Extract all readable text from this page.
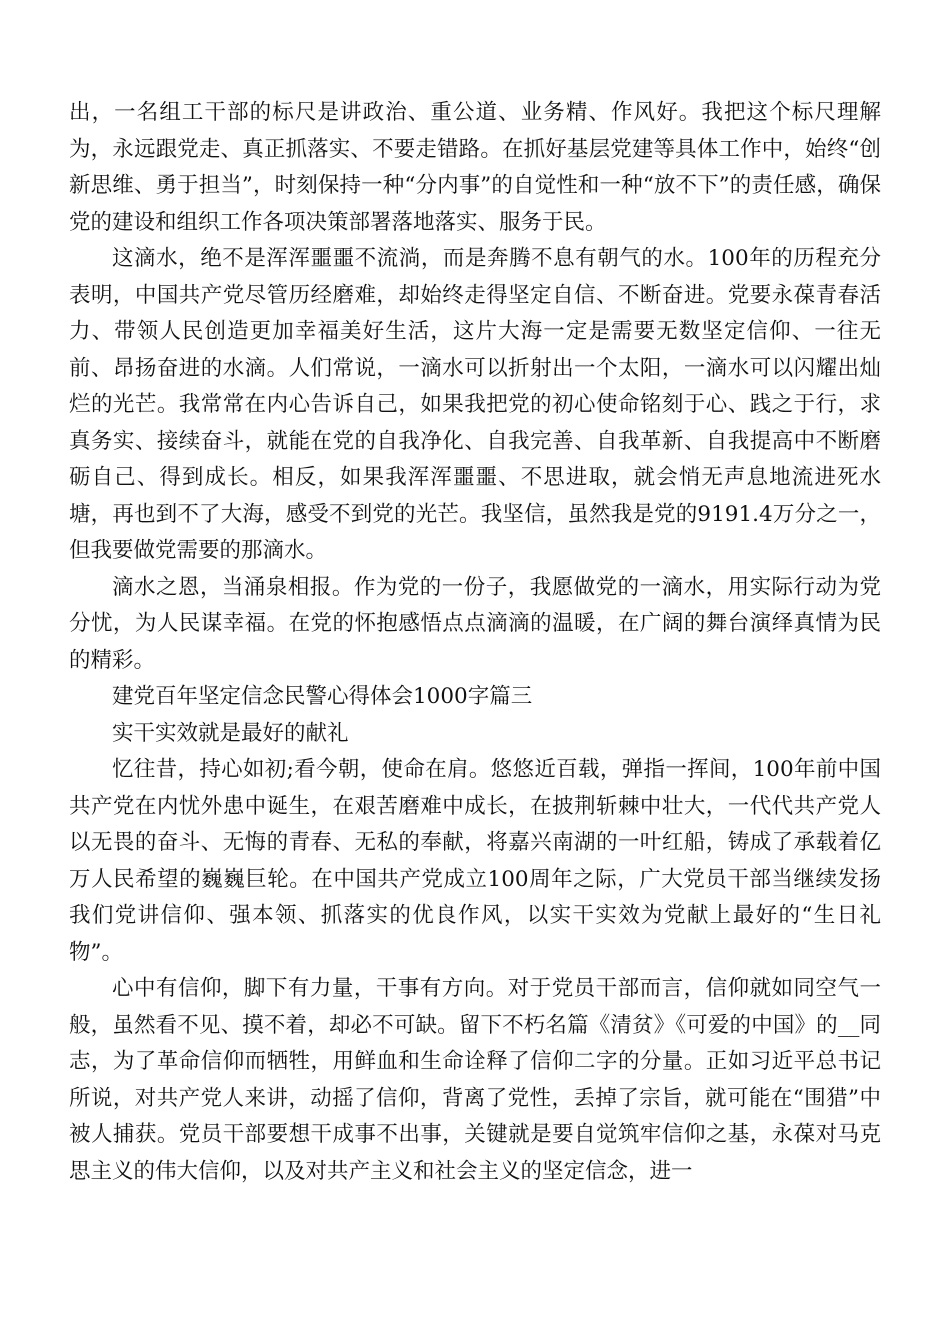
出，一名组工干部的标尺是讲政治、重公道、业务精、作风好。我把这个标尺理解为，永远跟党走、真正抓落实、不要走错路。在抓好基层党建等具体工作中，始终“创新思维、勇于担当”，时刻保持一种“分内事”的自觉性和一种“放不下”的责任感，确保党的建设和组织工作各项决策部署落地落实、服务于民。

这滴水，绝不是浑浑噩噩不流淌，而是奔腾不息有朝气的水。100年的历程充分表明，中国共产党尽管历经磨难，却始终走得坚定自信、不断奋进。党要永葆青春活力、带领人民创造更加幸福美好生活，这片大海一定是需要无数坚定信仰、一往无前、昂扬奋进的水滴。人们常说，一滴水可以折射出一个太阳，一滴水可以闪耀出灿烂的光芒。我常常在内心告诉自己，如果我把党的初心使命铭刻于心、践之于行，求真务实、接续奋斗，就能在党的自我净化、自我完善、自我革新、自我提高中不断磨砺自己、得到成长。相反，如果我浑浑噩噩、不思进取，就会悄无声息地流进死水塘，再也到不了大海，感受不到党的光芒。我坚信，虽然我是党的9191.4万分之一，但我要做党需要的那滴水。

滴水之恩，当涌泉相报。作为党的一份子，我愿做党的一滴水，用实际行动为党分忧，为人民谋幸福。在党的怀抱感悟点点滴滴的温暖，在广阔的舞台演绎真情为民的精彩。

建党百年坚定信念民警心得体会1000字篇三

实干实效就是最好的献礼

忆往昔，持心如初;看今朝，使命在肩。悠悠近百载，弹指一挥间，100年前中国共产党在内忧外患中诞生，在艰苦磨难中成长，在披荆斩棘中壮大，一代代共产党人以无畏的奋斗、无悔的青春、无私的奉献，将嘉兴南湖的一叶红船，铸成了承载着亿万人民希望的巍巍巨轮。在中国共产党成立100周年之际，广大党员干部当继续发扬我们党讲信仰、强本领、抓落实的优良作风，以实干实效为党献上最好的“生日礼物”。

心中有信仰，脚下有力量，干事有方向。对于党员干部而言，信仰就如同空气一般，虽然看不见、摸不着，却必不可缺。留下不朽名篇《清贫》《可爱的中国》的__同志，为了革命信仰而牺牲，用鲜血和生命诠释了信仰二字的分量。正如习近平总书记所说，对共产党人来讲，动摇了信仰，背离了党性，丢掉了宗旨，就可能在“围猎”中被人捕获。党员干部要想干成事不出事，关键就是要自觉筑牢信仰之基，永葆对马克思主义的伟大信仰，以及对共产主义和社会主义的坚定信念，进一
